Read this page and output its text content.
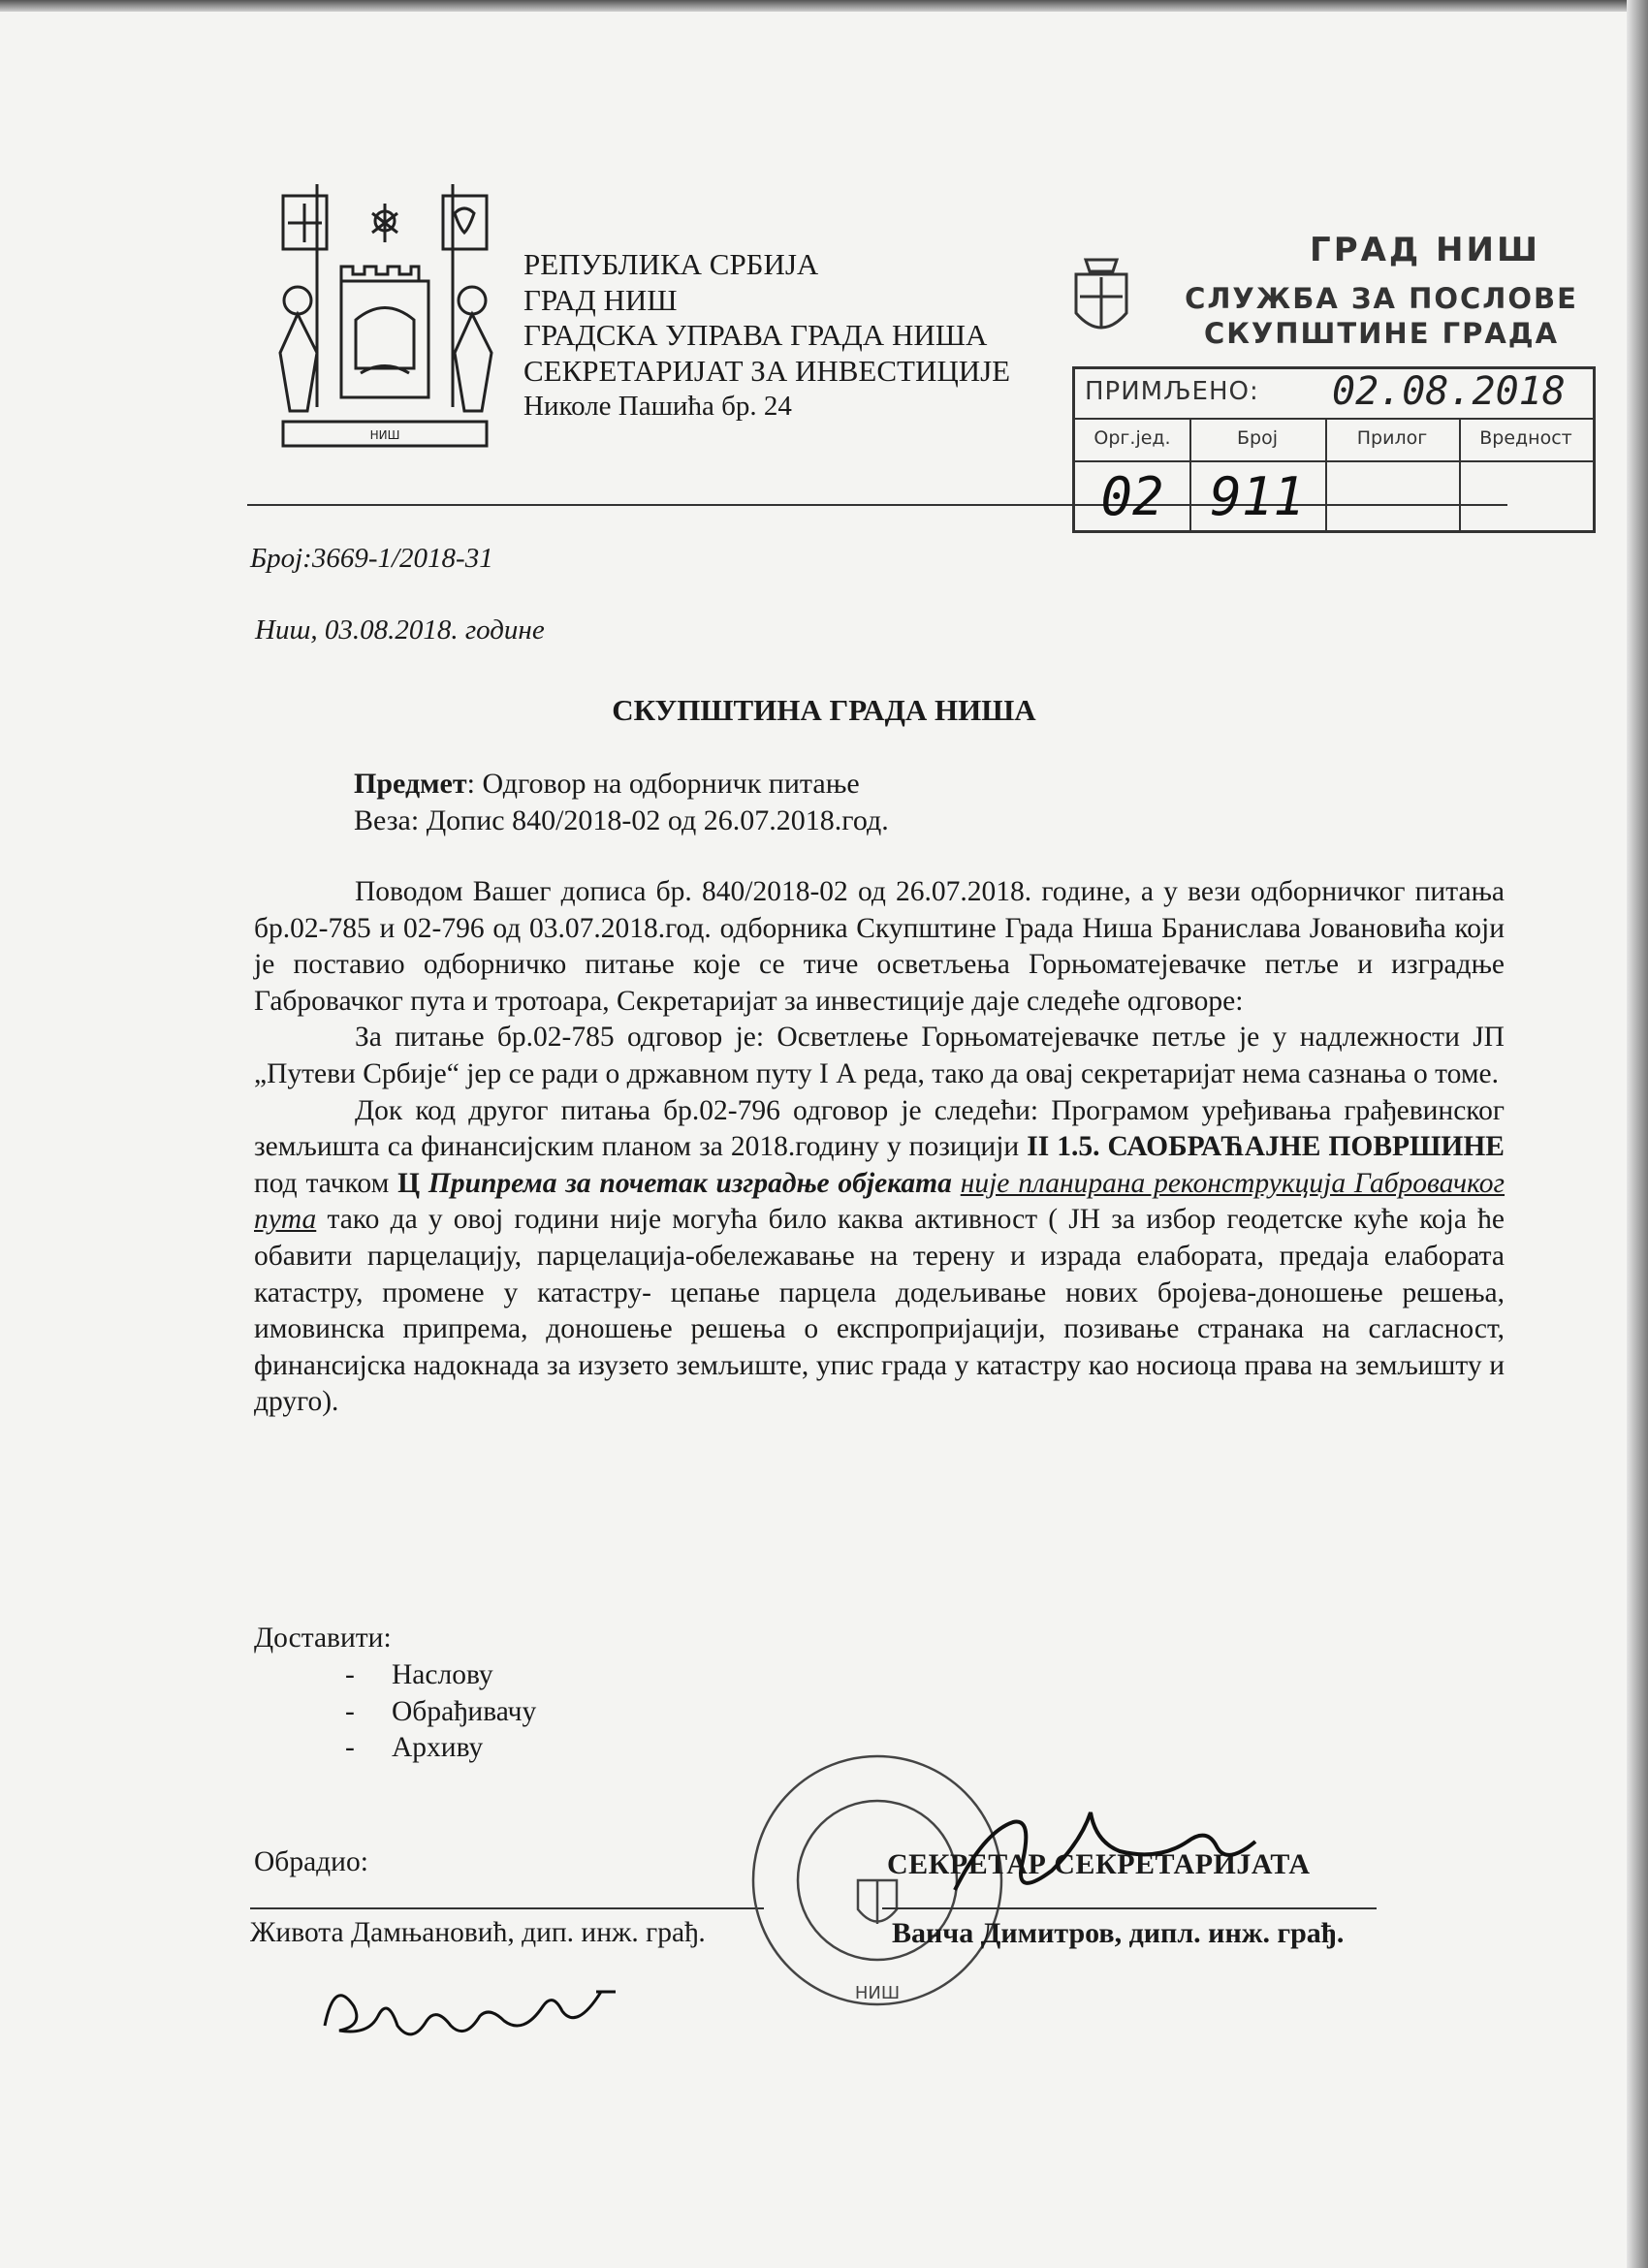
НИШ
РЕПУБЛИКА СРБИЈА
ГРАД НИШ
ГРАДСКА УПРАВА ГРАДА НИША
СЕКРЕТАРИЈАТ ЗА ИНВЕСТИЦИЈЕ
Николе Пашића бр. 24
ГРАД НИШ
СЛУЖБА ЗА ПОСЛОВЕ
СКУПШТИНЕ ГРАДА
ПРИМЉЕНО: 02.08.2018
Орг.јед.	Број	Прилог	Вредност
02 911
Број:3669-1/2018-31
Ниш, 03.08.2018. године
СКУПШТИНА ГРАДА НИША
Предмет: Одговор на одборничк питање
Веза: Допис 840/2018-02 од 26.07.2018.год.

Поводом Вашег дописа бр. 840/2018-02 од 26.07.2018. године, а у вези одборничког питања бр.02-785 и 02-796 од 03.07.2018.год. одборника Скупштине Града Ниша Бранислава Јовановића који је поставио одборничко питање које се тиче осветљења Горњоматејевачке петље и изградње Габровачког пута и тротоара, Секретаријат за инвестиције даје следеће одговоре:

За питање бр.02-785 одговор је: Осветлење Горњоматејевачке петље је у надлежности ЈП „Путеви Србије“ јер се ради о државном путу I А реда, тако да овај секретаријат нема сазнања о томе.

Док код другог питања бр.02-796 одговор је следећи: Програмом уређивања грађевинског земљишта са финансијским планом за 2018.годину у позицији II 1.5. САОБРАЋАЈНЕ ПОВРШИНЕ под тачком Ц Припрема за почетак изградње објеката није планирана реконструкција Габровачког пута тако да у овој години није могућа било каква активност ( ЈН за избор геодетске куће која ће обавити парцелацију, парцелација-обележавање на терену и израда елабората, предаја елабората катастру, промене у катастру- цепање парцела додељивање нових бројева-доношење решења, имовинска припрема, доношење решења о експропријацији, позивање странака на сагласност, финансијска надокнада за изузето земљиште, упис града у катастру као носиоца права на земљишту и друго).

Доставити:
- Наслову
- Обрађивачу
- Архиву
Обрадио:
Живота Дамњановић, дип. инж. грађ.
НИШ
СЕКРЕТАР СЕКРЕТАРИЈАТА
Ванча Димитров, дипл. инж. грађ.
